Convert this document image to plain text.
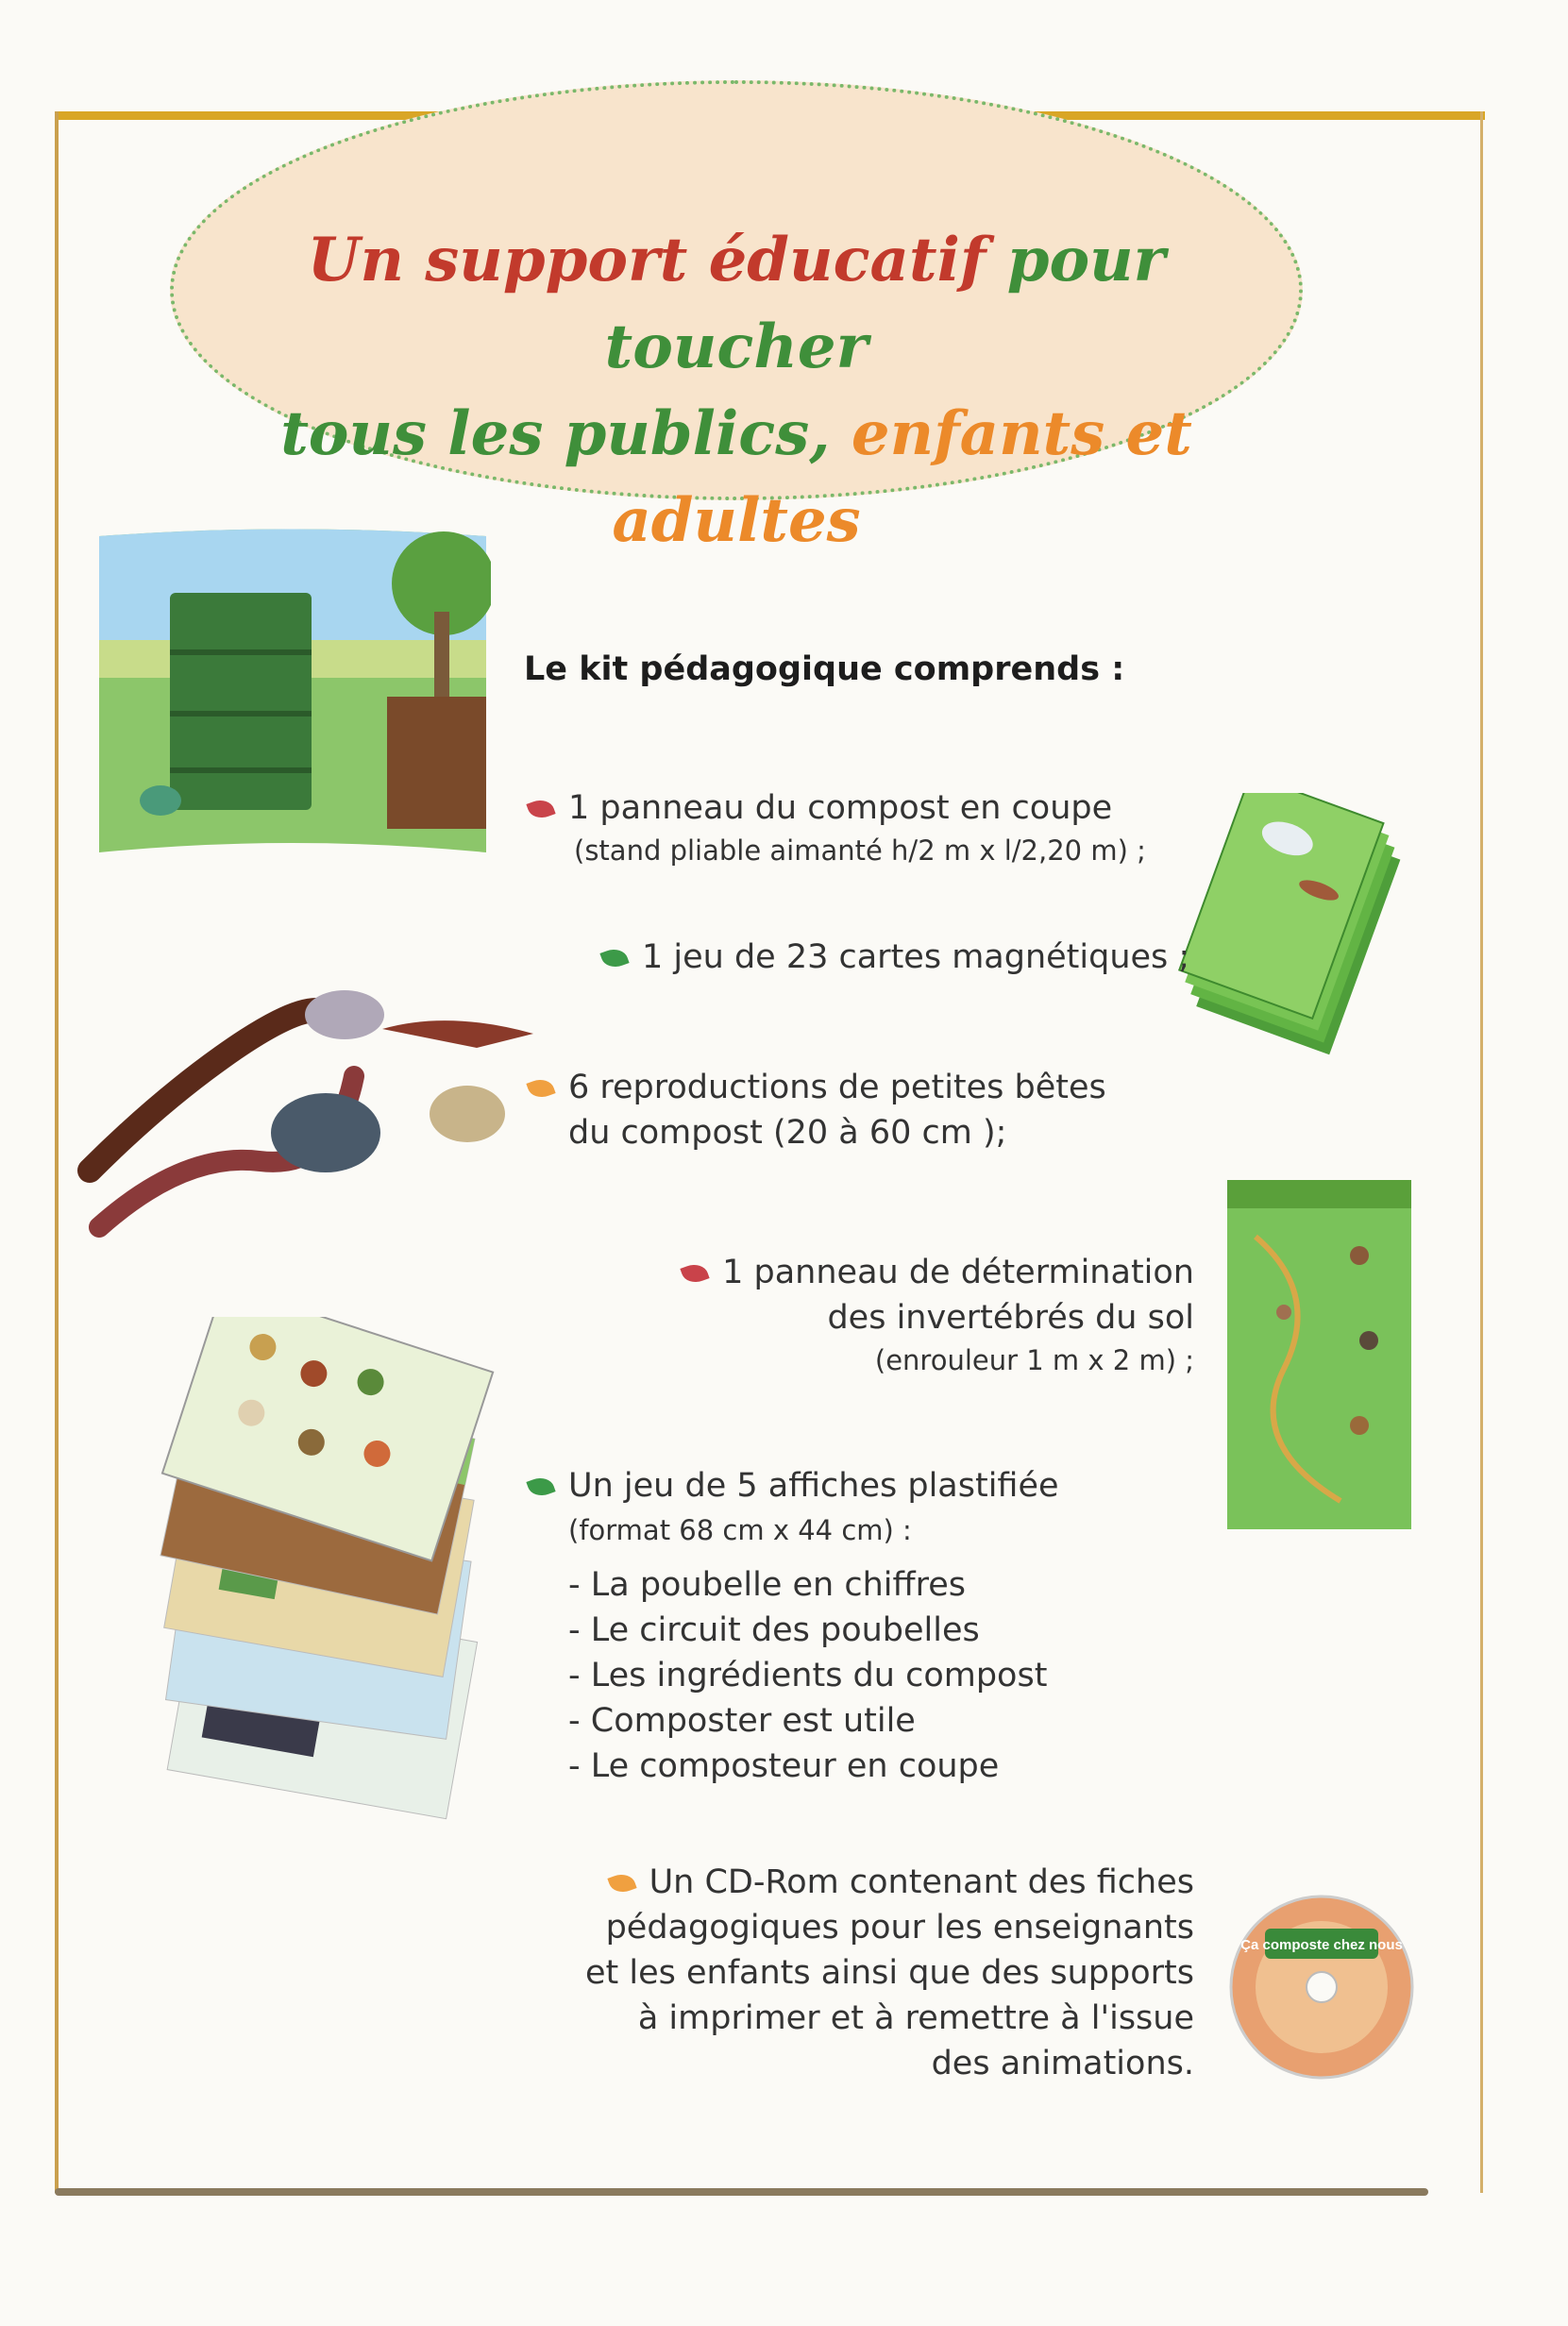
Un support éducatif pour toucher
tous les publics, enfants et adultes
Ça composte chez nous
Le kit pédagogique comprends :
1 panneau du compost en coupe
(stand pliable aimanté h/2 m x l/2,20 m) ;
1 jeu de 23 cartes magnétiques ;
6 reproductions de petites bêtes
du compost (20 à 60 cm );
1 panneau de détermination
des invertébrés du sol
(enrouleur 1 m x 2 m) ;
Un jeu de 5 affiches plastifiée
(format 68 cm x 44 cm) :
- La poubelle en chiffres
- Le circuit des poubelles
- Les ingrédients du compost
- Composter est utile
- Le composteur en coupe
Un CD-Rom contenant des fiches
pédagogiques pour les enseignants
et les enfants ainsi que des supports
à imprimer et à remettre à l'issue
des animations.
